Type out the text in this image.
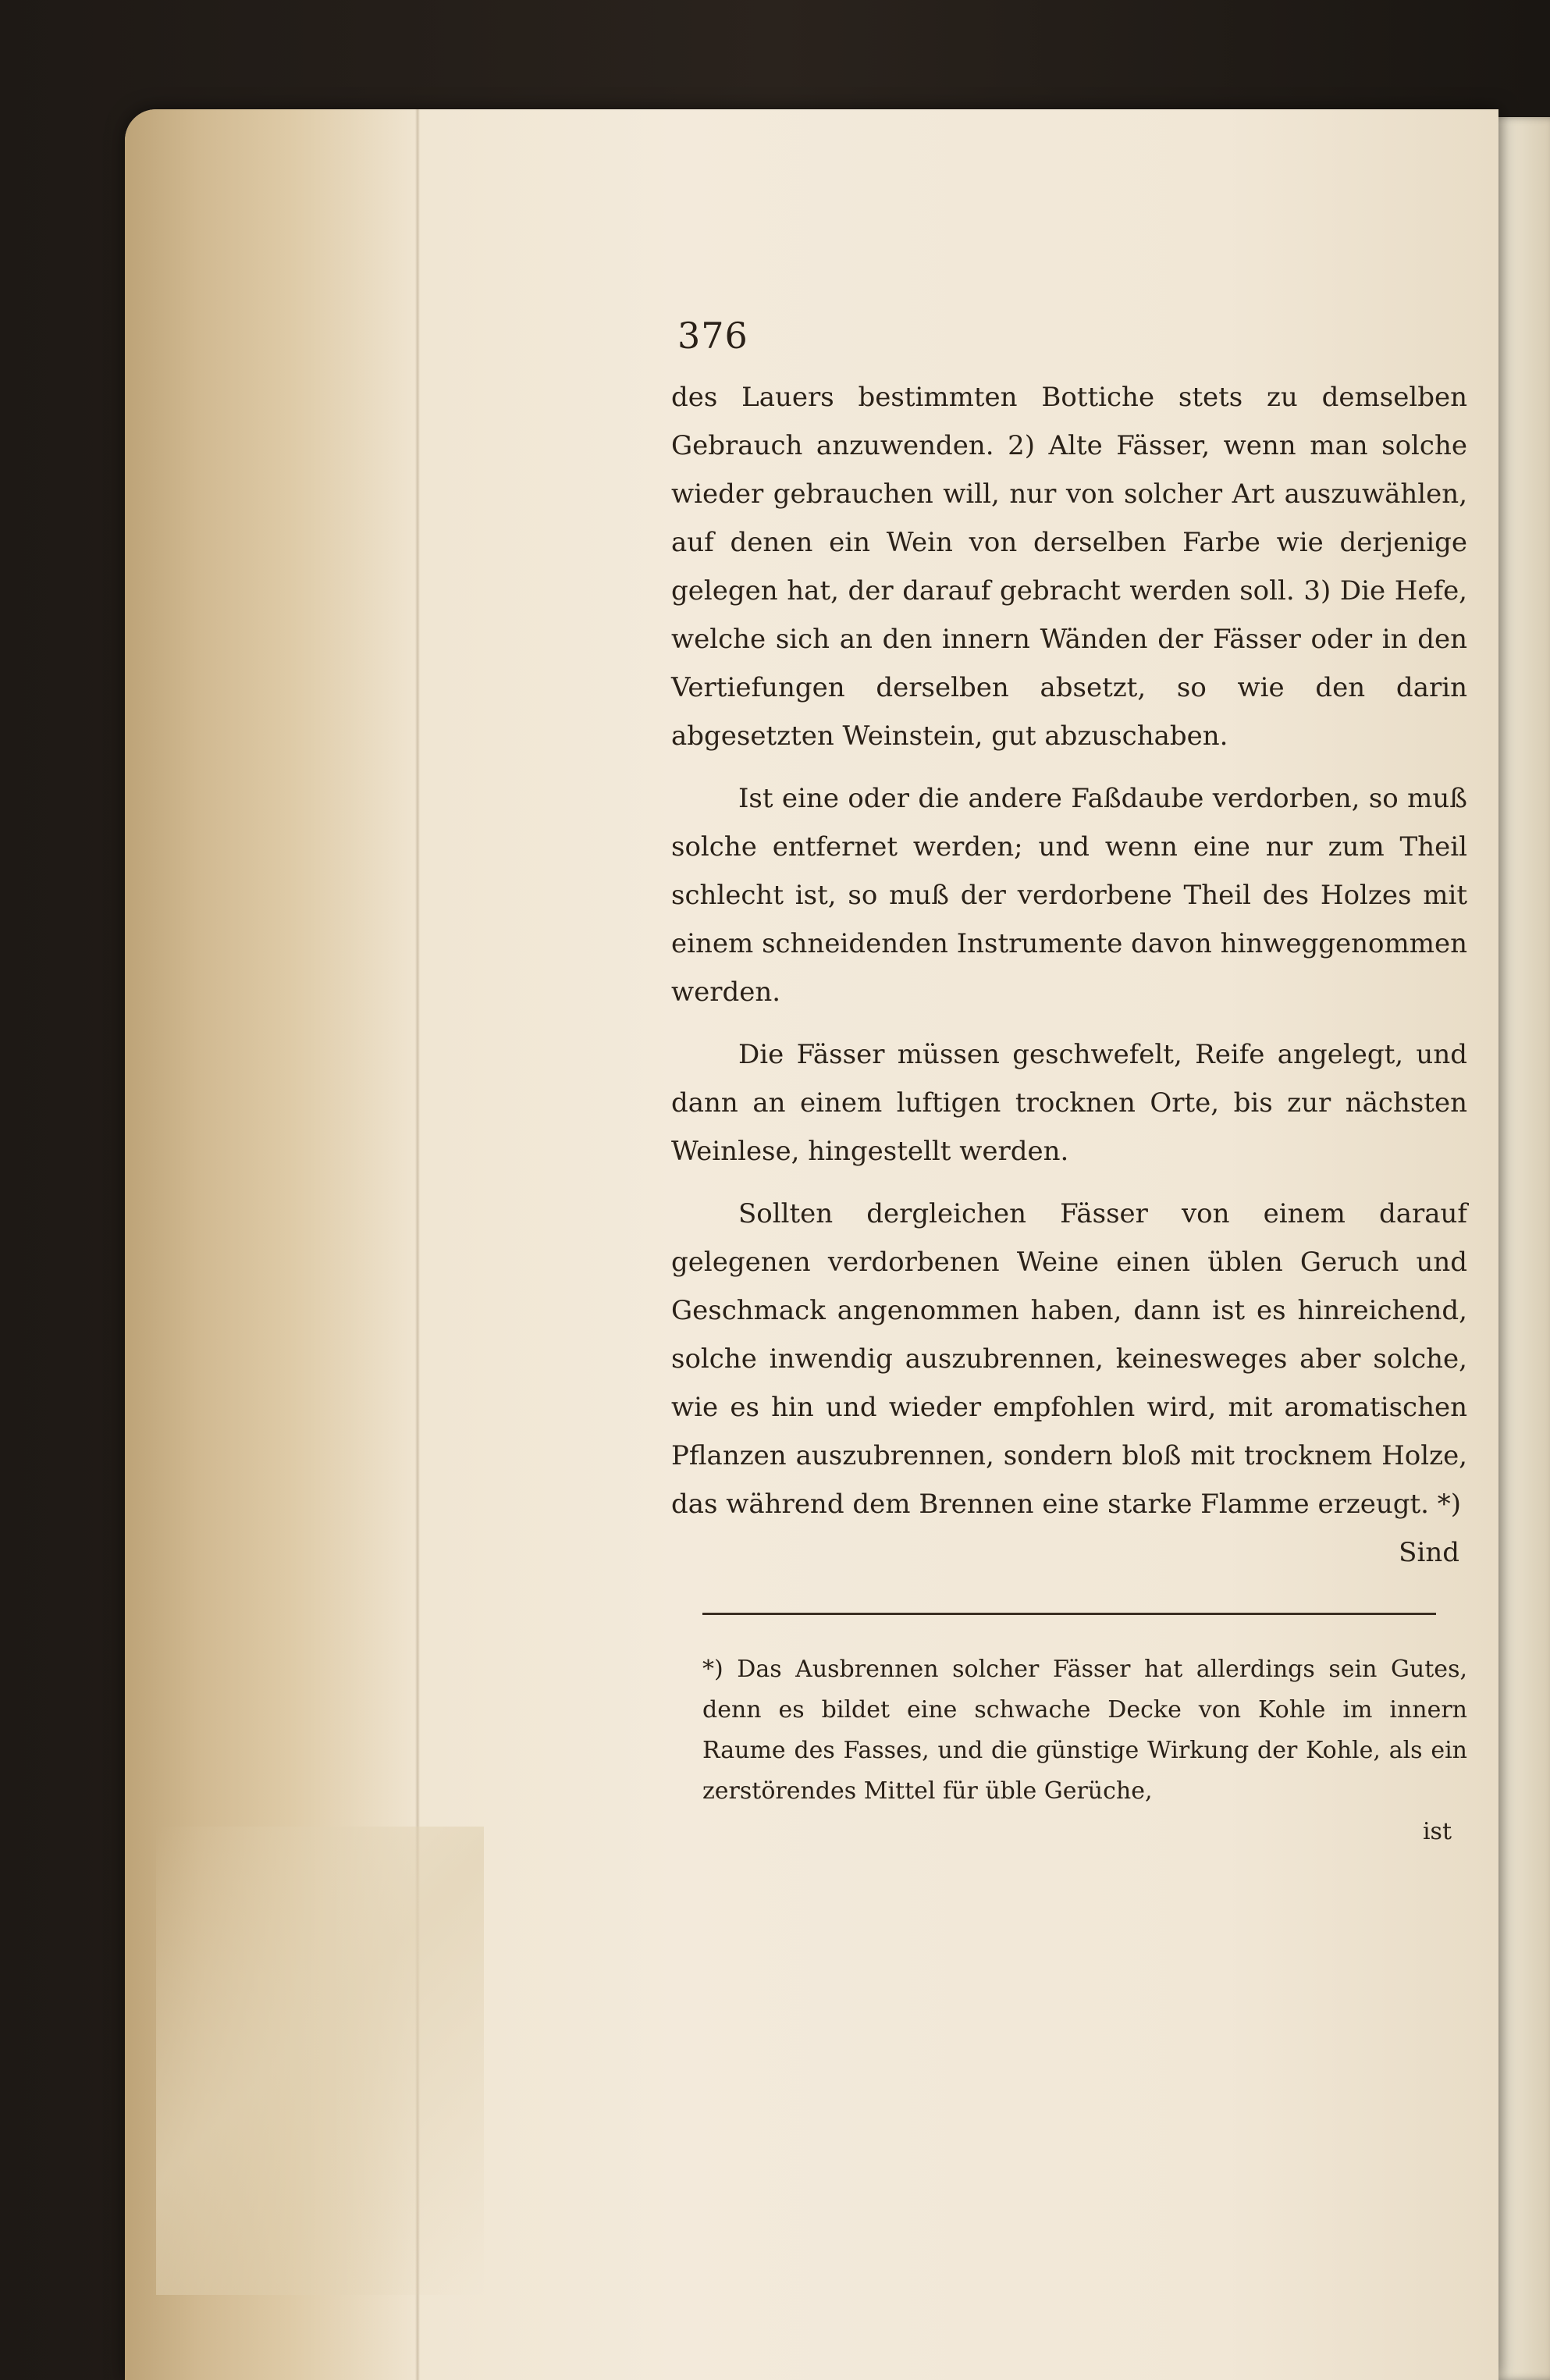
376

des Lauers bestimmten Bottiche stets zu demselben Gebrauch anzuwenden. 2) Alte Fässer, wenn man solche wieder gebrauchen will, nur von solcher Art auszuwählen, auf denen ein Wein von derselben Farbe wie derjenige gelegen hat, der darauf gebracht werden soll. 3) Die Hefe, welche sich an den innern Wänden der Fässer oder in den Vertiefungen derselben absetzt, so wie den darin abgesetzten Weinstein, gut abzuschaben.

Ist eine oder die andere Faßdaube verdorben, so muß solche entfernet werden; und wenn eine nur zum Theil schlecht ist, so muß der verdorbene Theil des Holzes mit einem schneidenden Instrumente davon hinweggenommen werden.

Die Fässer müssen geschwefelt, Reife angelegt, und dann an einem luftigen trocknen Orte, bis zur nächsten Weinlese, hingestellt werden.

Sollten dergleichen Fässer von einem darauf gelegenen verdorbenen Weine einen üblen Geruch und Geschmack angenommen haben, dann ist es hinreichend, solche inwendig auszubrennen, keinesweges aber solche, wie es hin und wieder empfohlen wird, mit aromatischen Pflanzen auszubrennen, sondern bloß mit trocknem Holze, das während dem Brennen eine starke Flamme erzeugt. *)

Sind

*) Das Ausbrennen solcher Fässer hat allerdings sein Gutes, denn es bildet eine schwache Decke von Kohle im innern Raume des Fasses, und die günstige Wirkung der Kohle, als ein zerstörendes Mittel für üble Gerüche,

ist
